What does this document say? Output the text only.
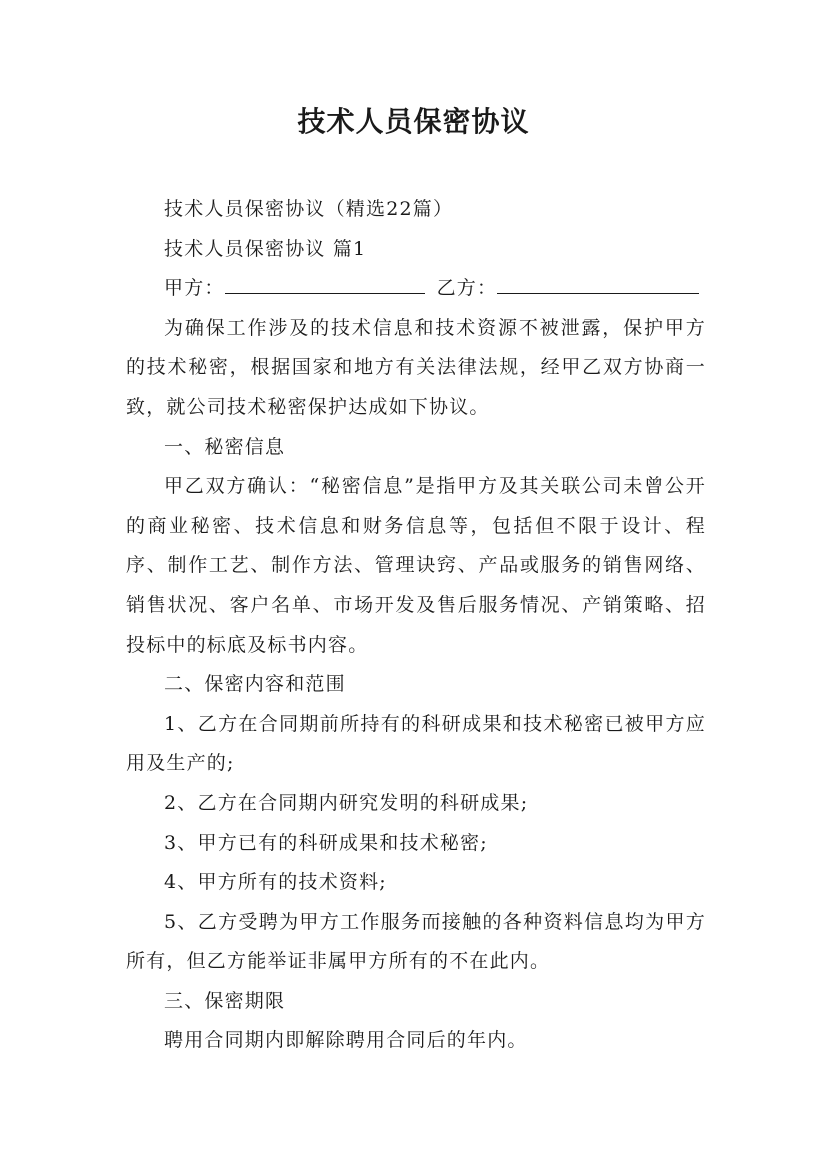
技术人员保密协议

技术人员保密协议（精选22篇）

技术人员保密协议 篇1

甲方：	乙方：

为确保工作涉及的技术信息和技术资源不被泄露，保护甲方的技术秘密，根据国家和地方有关法律法规，经甲乙双方协商一致，就公司技术秘密保护达成如下协议。

一、秘密信息

甲乙双方确认：“秘密信息”是指甲方及其关联公司未曾公开的商业秘密、技术信息和财务信息等，包括但不限于设计、程序、制作工艺、制作方法、管理诀窍、产品或服务的销售网络、销售状况、客户名单、市场开发及售后服务情况、产销策略、招投标中的标底及标书内容。

二、保密内容和范围

1、乙方在合同期前所持有的科研成果和技术秘密已被甲方应用及生产的;

2、乙方在合同期内研究发明的科研成果;

3、甲方已有的科研成果和技术秘密;

4、甲方所有的技术资料;

5、乙方受聘为甲方工作服务而接触的各种资料信息均为甲方所有，但乙方能举证非属甲方所有的不在此内。

三、保密期限

聘用合同期内即解除聘用合同后的年内。
